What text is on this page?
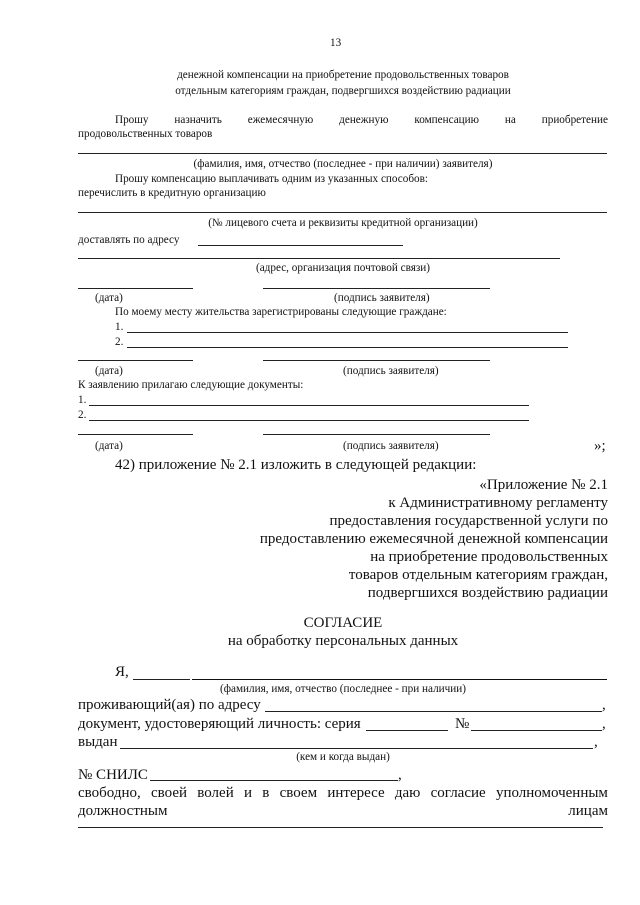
13
денежной компенсации на приобретение продовольственных товаров
отдельным категориям граждан, подвергшихся воздействию радиации
Прошу назначить ежемесячную денежную компенсацию на приобретение
продовольственных товаров
(фамилия, имя, отчество (последнее - при наличии) заявителя)
Прошу компенсацию выплачивать одним из указанных способов:
перечислить в кредитную организацию
(№ лицевого счета и реквизиты кредитной организации)
доставлять по адресу
(адрес, организация почтовой связи)
(дата)	(подпись заявителя)
По моему месту жительства зарегистрированы следующие граждане:
1.
2.
(дата)	(подпись заявителя)
К заявлению прилагаю следующие документы:
1.
2.
(дата)	(подпись заявителя)	»;
42) приложение № 2.1 изложить в следующей редакции:
«Приложение № 2.1
к Административному регламенту
предоставления государственной услуги по
предоставлению ежемесячной денежной компенсации
на приобретение продовольственных
товаров отдельным категориям граждан,
подвергшихся воздействию радиации
СОГЛАСИЕ
на обработку персональных данных
Я,
(фамилия, имя, отчество (последнее - при наличии)
проживающий(ая) по адресу	,
документ, удостоверяющий личность: серия	№	,
выдан	,
(кем и когда выдан)
№ СНИЛС	,
свободно, своей волей и в своем интересе даю согласие уполномоченным
должностным	лицам
